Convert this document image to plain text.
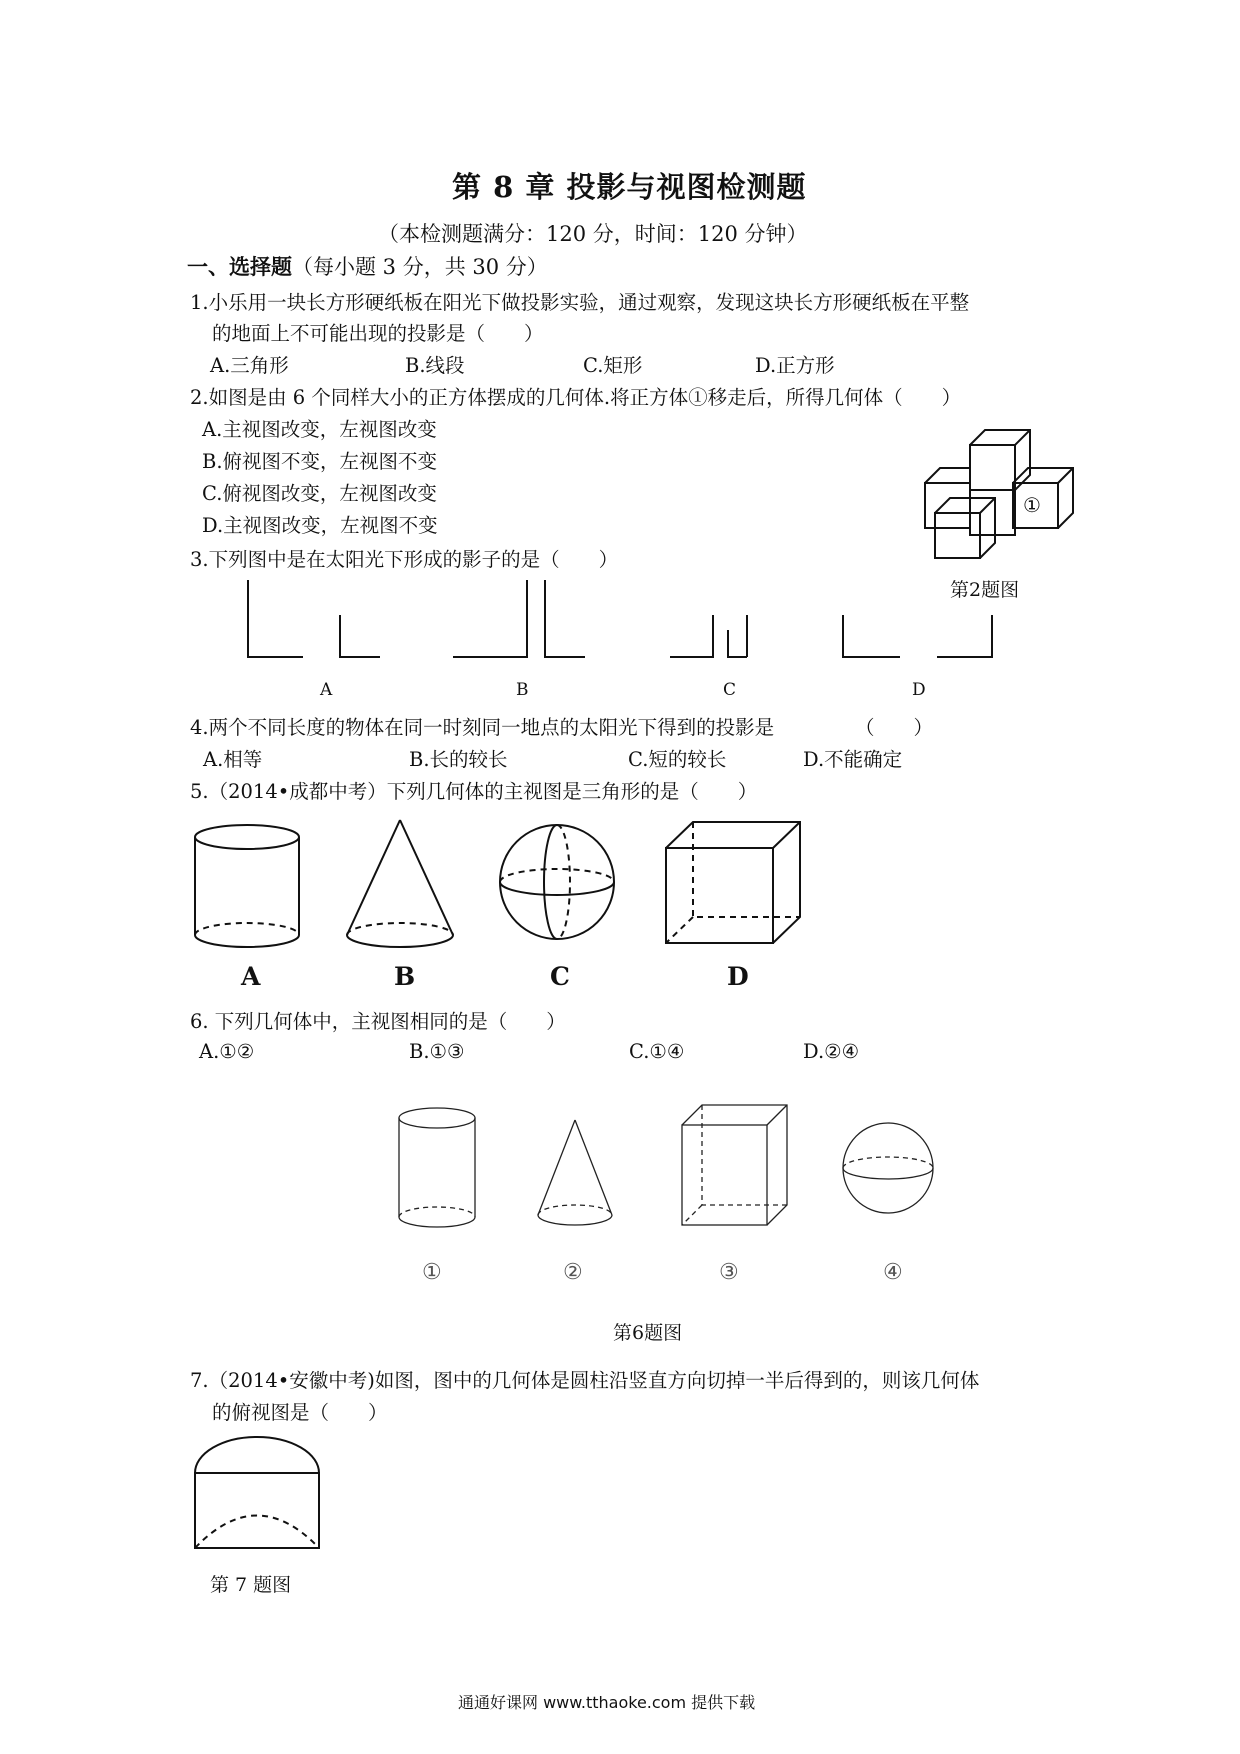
第 8 章 投影与视图检测题
（本检测题满分：120 分，时间：120 分钟）
一、选择题（每小题 3 分，共 30 分）
1.小乐用一块长方形硬纸板在阳光下做投影实验，通过观察，发现这块长方形硬纸板在平整
的地面上不可能出现的投影是（　　）
A.三角形	B.线段	C.矩形	D.正方形
2.如图是由 6 个同样大小的正方体摆成的几何体.将正方体①移走后，所得几何体（　　）
A.主视图改变，左视图改变
B.俯视图不变，左视图不变
C.俯视图改变，左视图改变
D.主视图改变，左视图不变
①
第2题图
3.下列图中是在太阳光下形成的影子的是（　　）
A	B	C	D
4.两个不同长度的物体在同一时刻同一地点的太阳光下得到的投影是	（　　）
A.相等	B.长的较长	C.短的较长	D.不能确定
5.（2014•成都中考）下列几何体的主视图是三角形的是（　　）
A	B	C	D
6. 下列几何体中，主视图相同的是（　　）
A.①②	B.①③	C.①④	D.②④
①	②	③	④
第6题图
7.（2014•安徽中考)如图，图中的几何体是圆柱沿竖直方向切掉一半后得到的，则该几何体
的俯视图是（　　）
第 7 题图
通通好课网 www.tthaoke.com 提供下载
